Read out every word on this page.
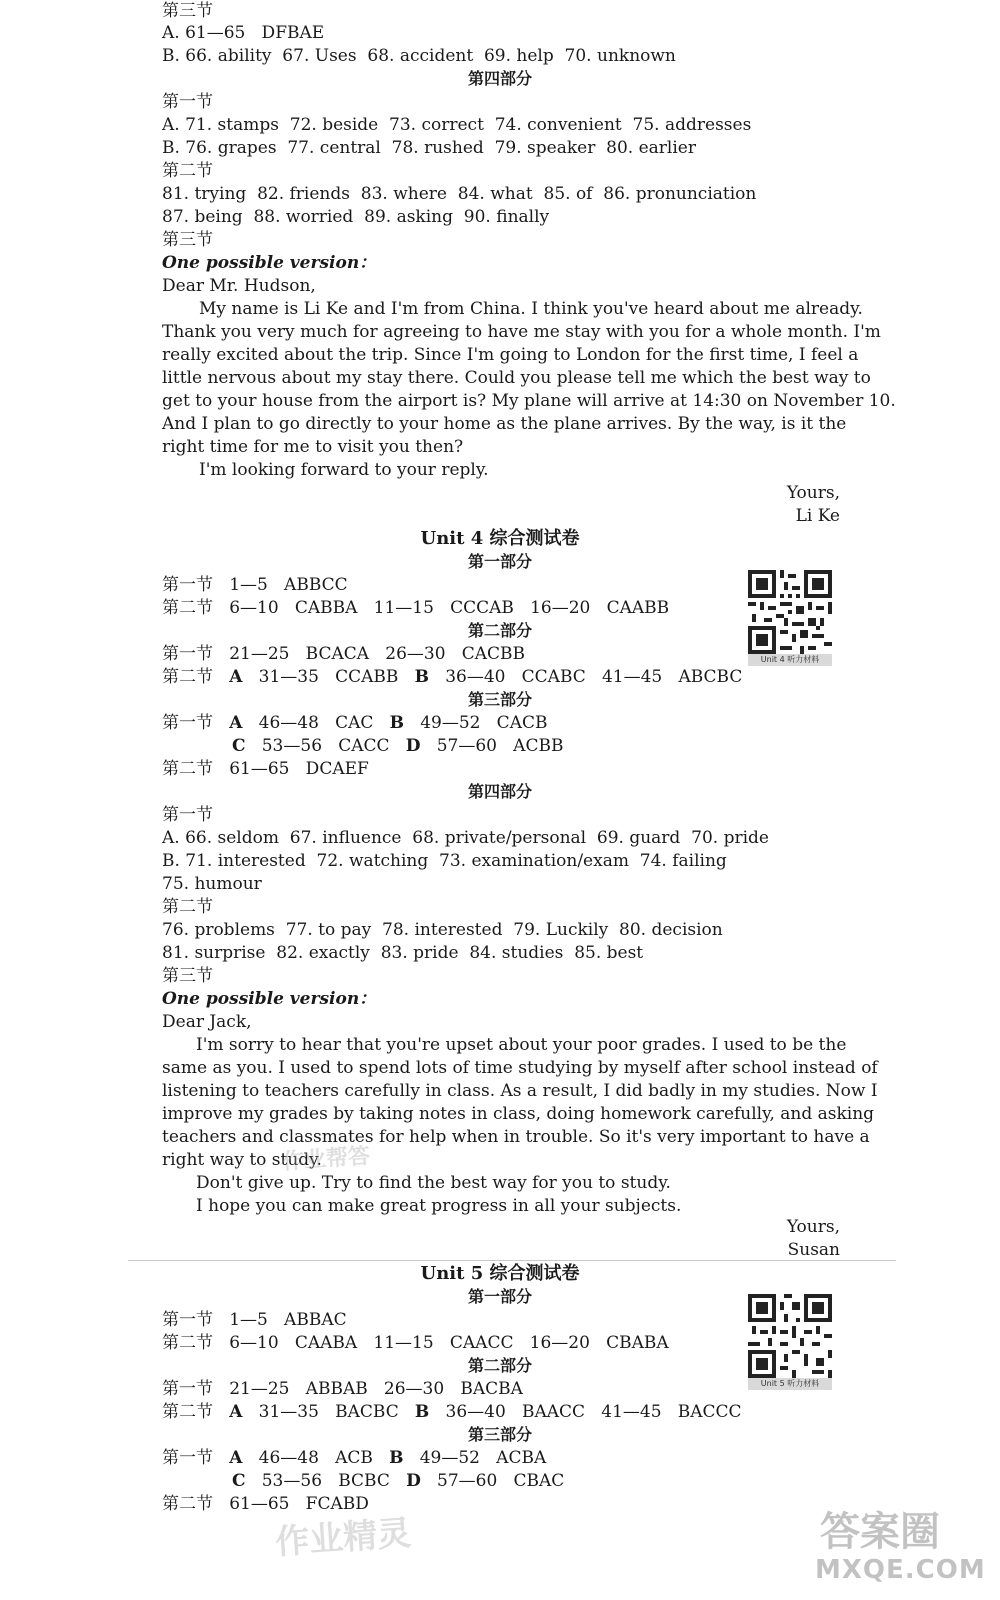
第三节
A. 61—65   DFBAE
B. 66. ability  67. Uses  68. accident  69. help  70. unknown
第四部分
第一节
A. 71. stamps  72. beside  73. correct  74. convenient  75. addresses
B. 76. grapes  77. central  78. rushed  79. speaker  80. earlier
第二节
81. trying  82. friends  83. where  84. what  85. of  86. pronunciation
87. being  88. worried  89. asking  90. finally
第三节
One possible version：
Dear Mr. Hudson,
My name is Li Ke and I'm from China. I think you've heard about me already.
Thank you very much for agreeing to have me stay with you for a whole month. I'm
really excited about the trip. Since I'm going to London for the first time, I feel a
little nervous about my stay there. Could you please tell me which the best way to
get to your house from the airport is? My plane will arrive at 14:30 on November 10.
And I plan to go directly to your home as the plane arrives. By the way, is it the
right time for me to visit you then?
I'm looking forward to your reply.
Yours,
Li Ke
Unit 4 综合测试卷
第一部分
Unit 4 听力材料
第一节   1—5   ABBCC
第二节   6—10   CABBA   11—15   CCCAB   16—20   CAABB
第二部分
第一节   21—25   BCACA   26—30   CACBB
第二节   A   31—35   CCABB   B   36—40   CCABC   41—45   ABCBC
第三部分
第一节   A   46—48   CAC   B   49—52   CACB
C   53—56   CACC   D   57—60   ACBB
第二节   61—65   DCAEF
第四部分
第一节
A. 66. seldom  67. influence  68. private/personal  69. guard  70. pride
B. 71. interested  72. watching  73. examination/exam  74. failing
75. humour
第二节
76. problems  77. to pay  78. interested  79. Luckily  80. decision
81. surprise  82. exactly  83. pride  84. studies  85. best
第三节
One possible version：
Dear Jack,
I'm sorry to hear that you're upset about your poor grades. I used to be the
same as you. I used to spend lots of time studying by myself after school instead of
listening to teachers carefully in class. As a result, I did badly in my studies. Now I
improve my grades by taking notes in class, doing homework carefully, and asking
teachers and classmates for help when in trouble. So it's very important to have a
right way to study.
Don't give up. Try to find the best way for you to study.
I hope you can make great progress in all your subjects.
Yours,
Susan
Unit 5 综合测试卷
第一部分
Unit 5 听力材料
第一节   1—5   ABBAC
第二节   6—10   CAABA   11—15   CAACC   16—20   CBABA
第二部分
第一节   21—25   ABBAB   26—30   BACBA
第二节   A   31—35   BACBC   B   36—40   BAACC   41—45   BACCC
第三部分
第一节   A   46—48   ACB   B   49—52   ACBA
C   53—56   BCBC   D   57—60   CBAC
第二节   61—65   FCABD
作业帮答
作业精灵	答案圈
MXQE.COM
